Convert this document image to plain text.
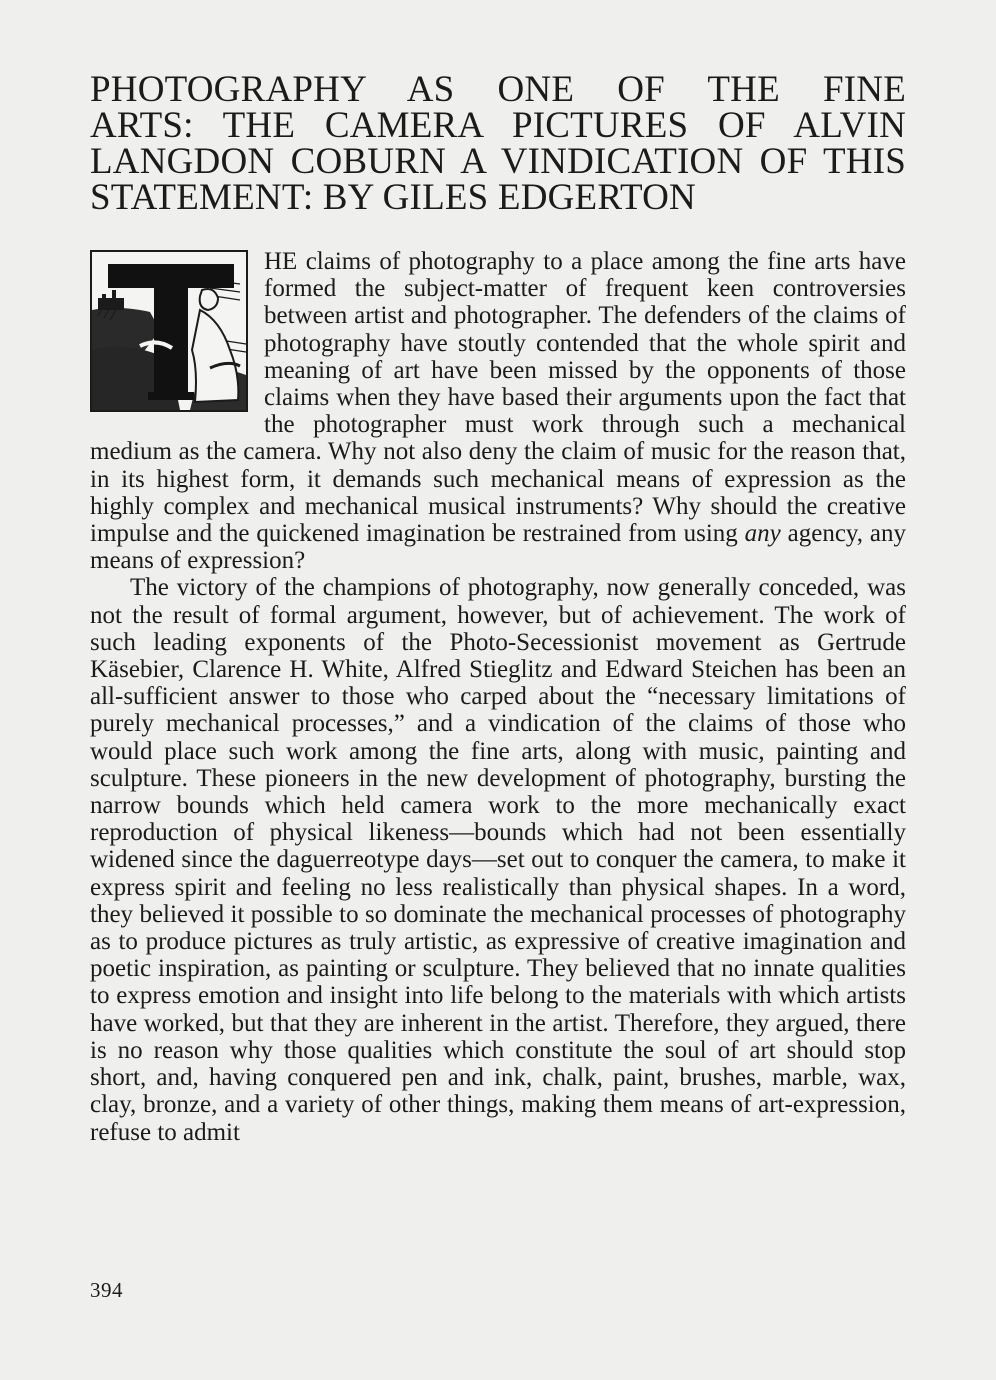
PHOTOGRAPHY AS ONE OF THE FINE
ARTS: THE CAMERA PICTURES OF ALVIN
LANGDON COBURN A VINDICATION OF THIS
STATEMENT: BY GILES EDGERTON

HE claims of photography to a place among the fine arts have formed the subject-matter of frequent keen controversies between artist and photographer. The defenders of the claims of photography have stoutly contended that the whole spirit and meaning of art have been missed by the opponents of those claims when they have based their arguments upon the fact that the photographer must work through such a mechanical medium as the camera. Why not also deny the claim of music for the reason that, in its highest form, it demands such mechanical means of expression as the highly complex and mechanical musical instruments? Why should the creative impulse and the quickened imagination be restrained from using any agency, any means of expression?

The victory of the champions of photography, now generally conceded, was not the result of formal argument, however, but of achievement. The work of such leading exponents of the Photo-Secessionist movement as Gertrude Käsebier, Clarence H. White, Alfred Stieglitz and Edward Steichen has been an all-sufficient answer to those who carped about the “necessary limitations of purely mechanical processes,” and a vindication of the claims of those who would place such work among the fine arts, along with music, painting and sculpture. These pioneers in the new development of photography, bursting the narrow bounds which held camera work to the more mechanically exact reproduction of physical likeness—bounds which had not been essentially widened since the daguerreotype days—set out to conquer the camera, to make it express spirit and feeling no less realistically than physical shapes. In a word, they believed it possible to so dominate the mechanical processes of photography as to produce pictures as truly artistic, as expressive of creative imagination and poetic inspiration, as painting or sculpture. They believed that no innate qualities to express emotion and insight into life belong to the materials with which artists have worked, but that they are inherent in the artist. Therefore, they argued, there is no reason why those qualities which constitute the soul of art should stop short, and, having conquered pen and ink, chalk, paint, brushes, marble, wax, clay, bronze, and a variety of other things, making them means of art-expression, refuse to admit

394
